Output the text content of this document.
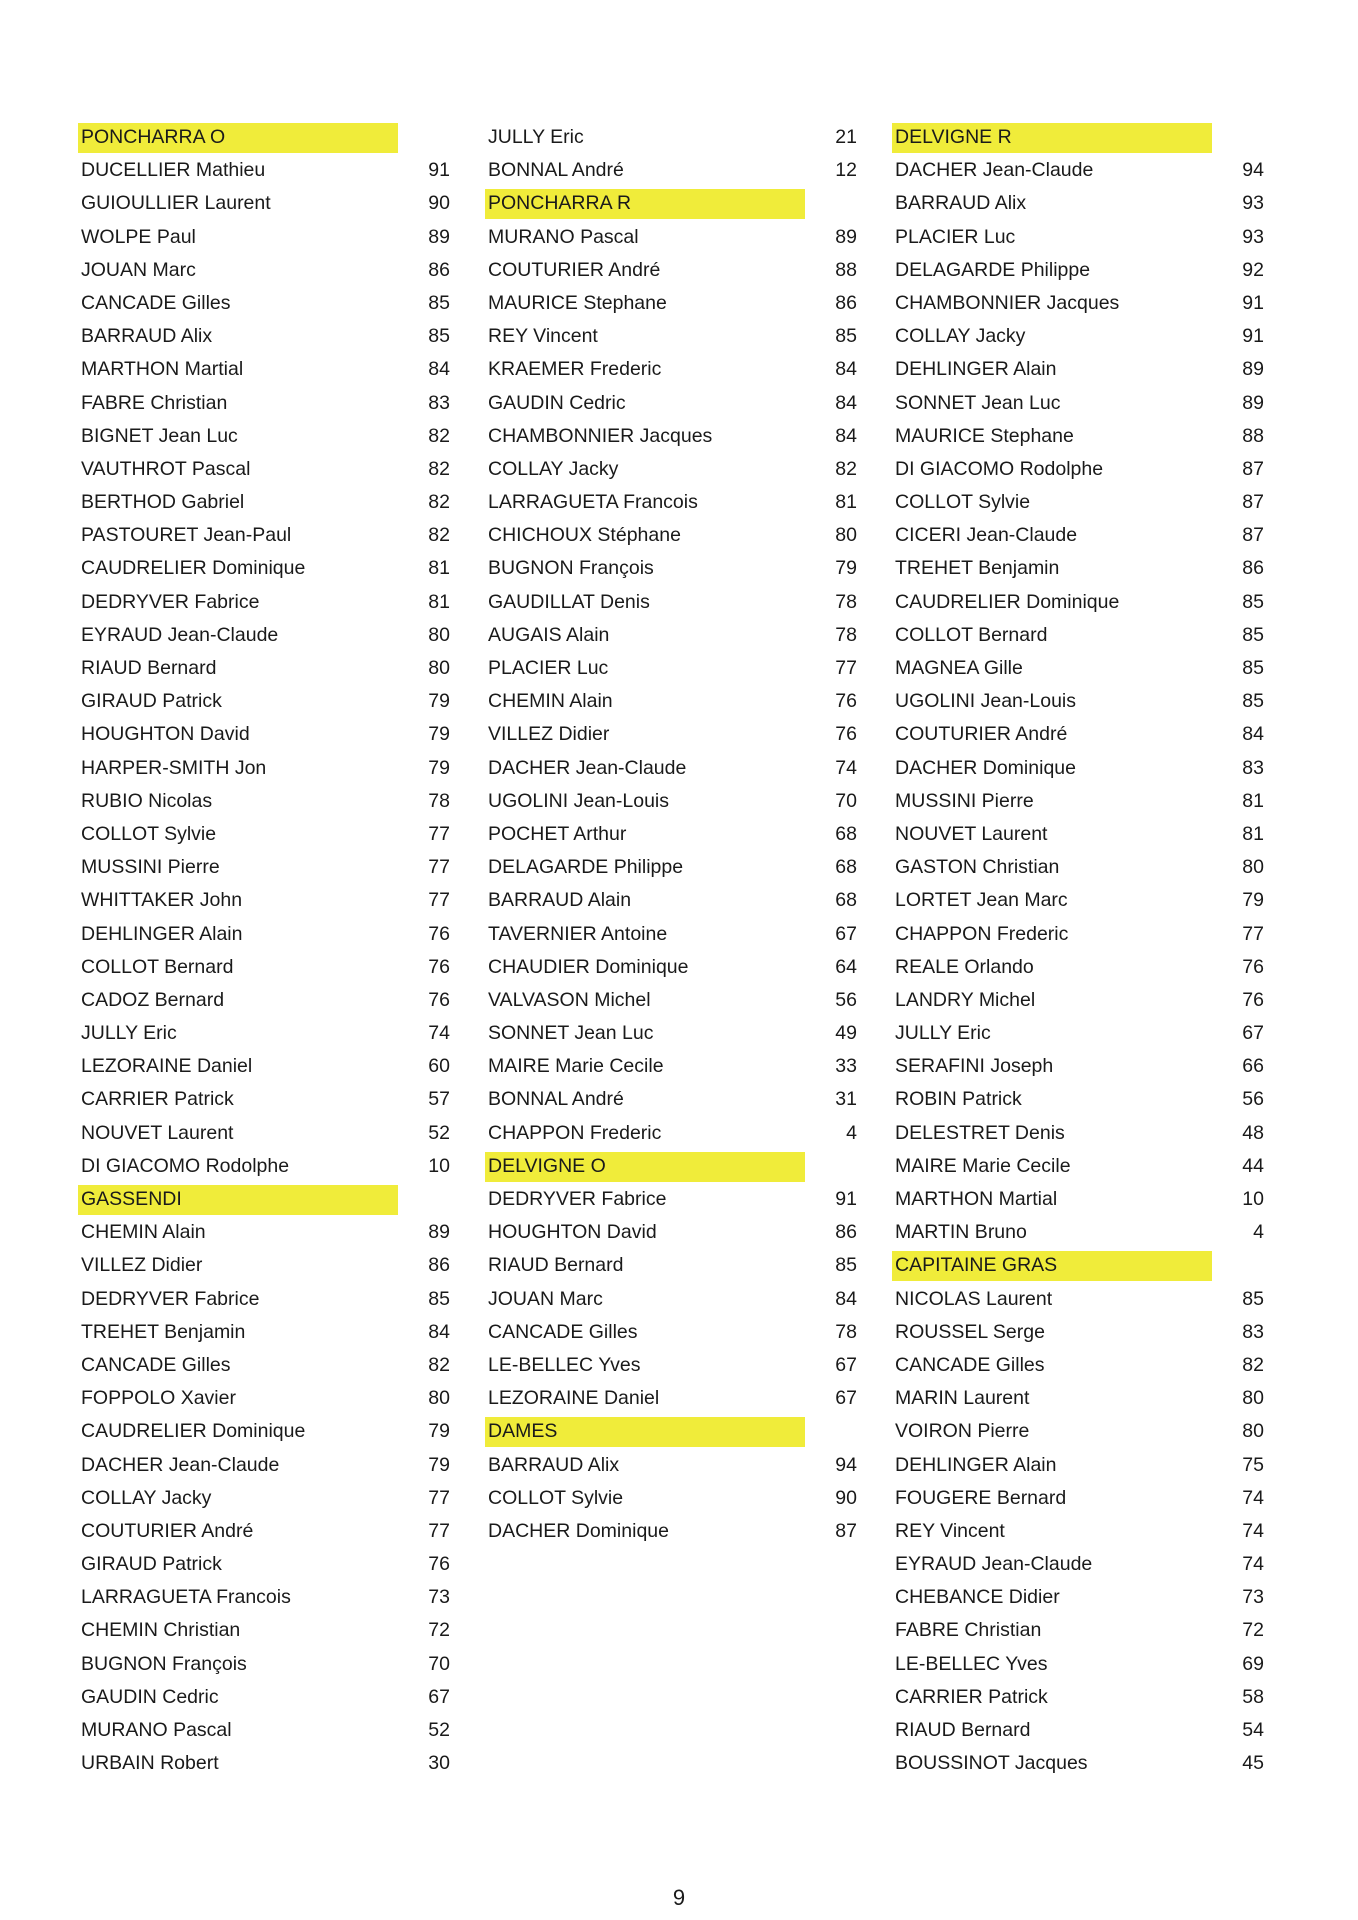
PONCHARRA O
DUCELLIER Mathieu	91
GUIOULLIER Laurent	90
WOLPE Paul	89
JOUAN Marc	86
CANCADE Gilles	85
BARRAUD Alix	85
MARTHON Martial	84
FABRE Christian	83
BIGNET Jean Luc	82
VAUTHROT Pascal	82
BERTHOD Gabriel	82
PASTOURET Jean-Paul	82
CAUDRELIER Dominique	81
DEDRYVER Fabrice	81
EYRAUD Jean-Claude	80
RIAUD Bernard	80
GIRAUD Patrick	79
HOUGHTON David	79
HARPER-SMITH Jon	79
RUBIO Nicolas	78
COLLOT Sylvie	77
MUSSINI Pierre	77
WHITTAKER John	77
DEHLINGER Alain	76
COLLOT Bernard	76
CADOZ Bernard	76
JULLY Eric	74
LEZORAINE Daniel	60
CARRIER Patrick	57
NOUVET Laurent	52
DI GIACOMO Rodolphe	10
GASSENDI
CHEMIN Alain	89
VILLEZ Didier	86
DEDRYVER Fabrice	85
TREHET Benjamin	84
CANCADE Gilles	82
FOPPOLO Xavier	80
CAUDRELIER Dominique	79
DACHER Jean-Claude	79
COLLAY Jacky	77
COUTURIER André	77
GIRAUD Patrick	76
LARRAGUETA Francois	73
CHEMIN Christian	72
BUGNON François	70
GAUDIN Cedric	67
MURANO Pascal	52
URBAIN Robert	30
JULLY Eric	21
BONNAL André	12
PONCHARRA R
MURANO Pascal	89
COUTURIER André	88
MAURICE Stephane	86
REY Vincent	85
KRAEMER Frederic	84
GAUDIN Cedric	84
CHAMBONNIER Jacques	84
COLLAY Jacky	82
LARRAGUETA Francois	81
CHICHOUX Stéphane	80
BUGNON François	79
GAUDILLAT Denis	78
AUGAIS Alain	78
PLACIER Luc	77
CHEMIN Alain	76
VILLEZ Didier	76
DACHER Jean-Claude	74
UGOLINI Jean-Louis	70
POCHET Arthur	68
DELAGARDE Philippe	68
BARRAUD Alain	68
TAVERNIER Antoine	67
CHAUDIER Dominique	64
VALVASON Michel	56
SONNET Jean Luc	49
MAIRE Marie Cecile	33
BONNAL André	31
CHAPPON Frederic	4
DELVIGNE O
DEDRYVER Fabrice	91
HOUGHTON David	86
RIAUD Bernard	85
JOUAN Marc	84
CANCADE Gilles	78
LE-BELLEC Yves	67
LEZORAINE Daniel	67
DAMES
BARRAUD Alix	94
COLLOT Sylvie	90
DACHER Dominique	87
DELVIGNE R
DACHER Jean-Claude	94
BARRAUD Alix	93
PLACIER Luc	93
DELAGARDE Philippe	92
CHAMBONNIER Jacques	91
COLLAY Jacky	91
DEHLINGER Alain	89
SONNET Jean Luc	89
MAURICE Stephane	88
DI GIACOMO Rodolphe	87
COLLOT Sylvie	87
CICERI Jean-Claude	87
TREHET Benjamin	86
CAUDRELIER Dominique	85
COLLOT Bernard	85
MAGNEA Gille	85
UGOLINI Jean-Louis	85
COUTURIER André	84
DACHER Dominique	83
MUSSINI Pierre	81
NOUVET Laurent	81
GASTON Christian	80
LORTET Jean Marc	79
CHAPPON Frederic	77
REALE Orlando	76
LANDRY Michel	76
JULLY Eric	67
SERAFINI Joseph	66
ROBIN Patrick	56
DELESTRET Denis	48
MAIRE Marie Cecile	44
MARTHON Martial	10
MARTIN Bruno	4
CAPITAINE GRAS
NICOLAS Laurent	85
ROUSSEL Serge	83
CANCADE Gilles	82
MARIN Laurent	80
VOIRON Pierre	80
DEHLINGER Alain	75
FOUGERE Bernard	74
REY Vincent	74
EYRAUD Jean-Claude	74
CHEBANCE Didier	73
FABRE Christian	72
LE-BELLEC Yves	69
CARRIER Patrick	58
RIAUD Bernard	54
BOUSSINOT Jacques	45
9
